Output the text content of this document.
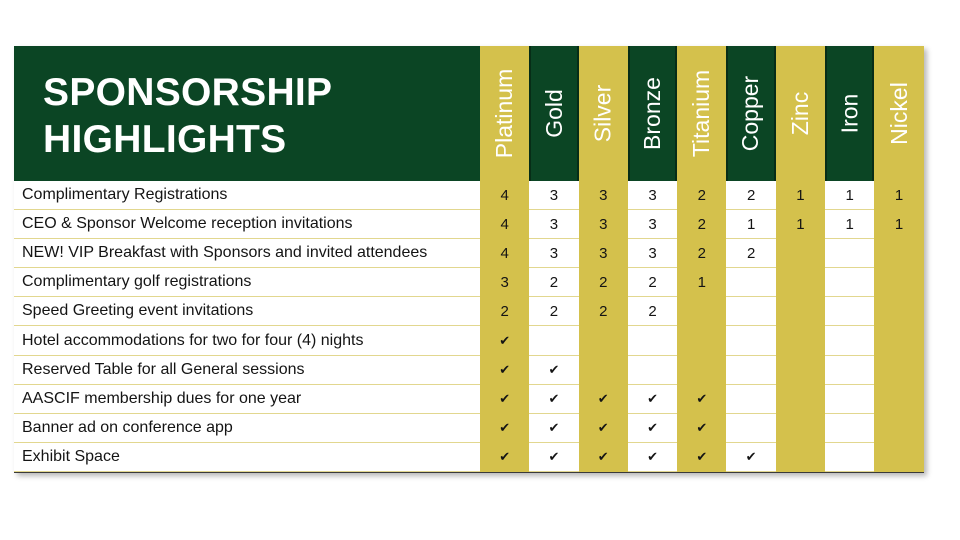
SPONSORSHIP
HIGHLIGHTS	Platinum Gold Silver Bronze Titanium Copper Zinc Iron Nickel
Complimentary Registrations	4	3	3	3	2	2	1	1	1
CEO & Sponsor Welcome reception invitations	4	3	3	3	2	1	1	1	1
NEW! VIP Breakfast with Sponsors and invited attendees	4	3	3	3	2	2
Complimentary golf registrations	3	2	2	2	1
Speed Greeting event invitations	2	2	2	2
Hotel accommodations for two for four (4) nights	✔
Reserved Table for all General sessions	✔	✔
AASCIF membership dues for one year	✔	✔	✔	✔	✔
Banner ad on conference app	✔	✔	✔	✔	✔
Exhibit Space	✔	✔	✔	✔	✔	✔
